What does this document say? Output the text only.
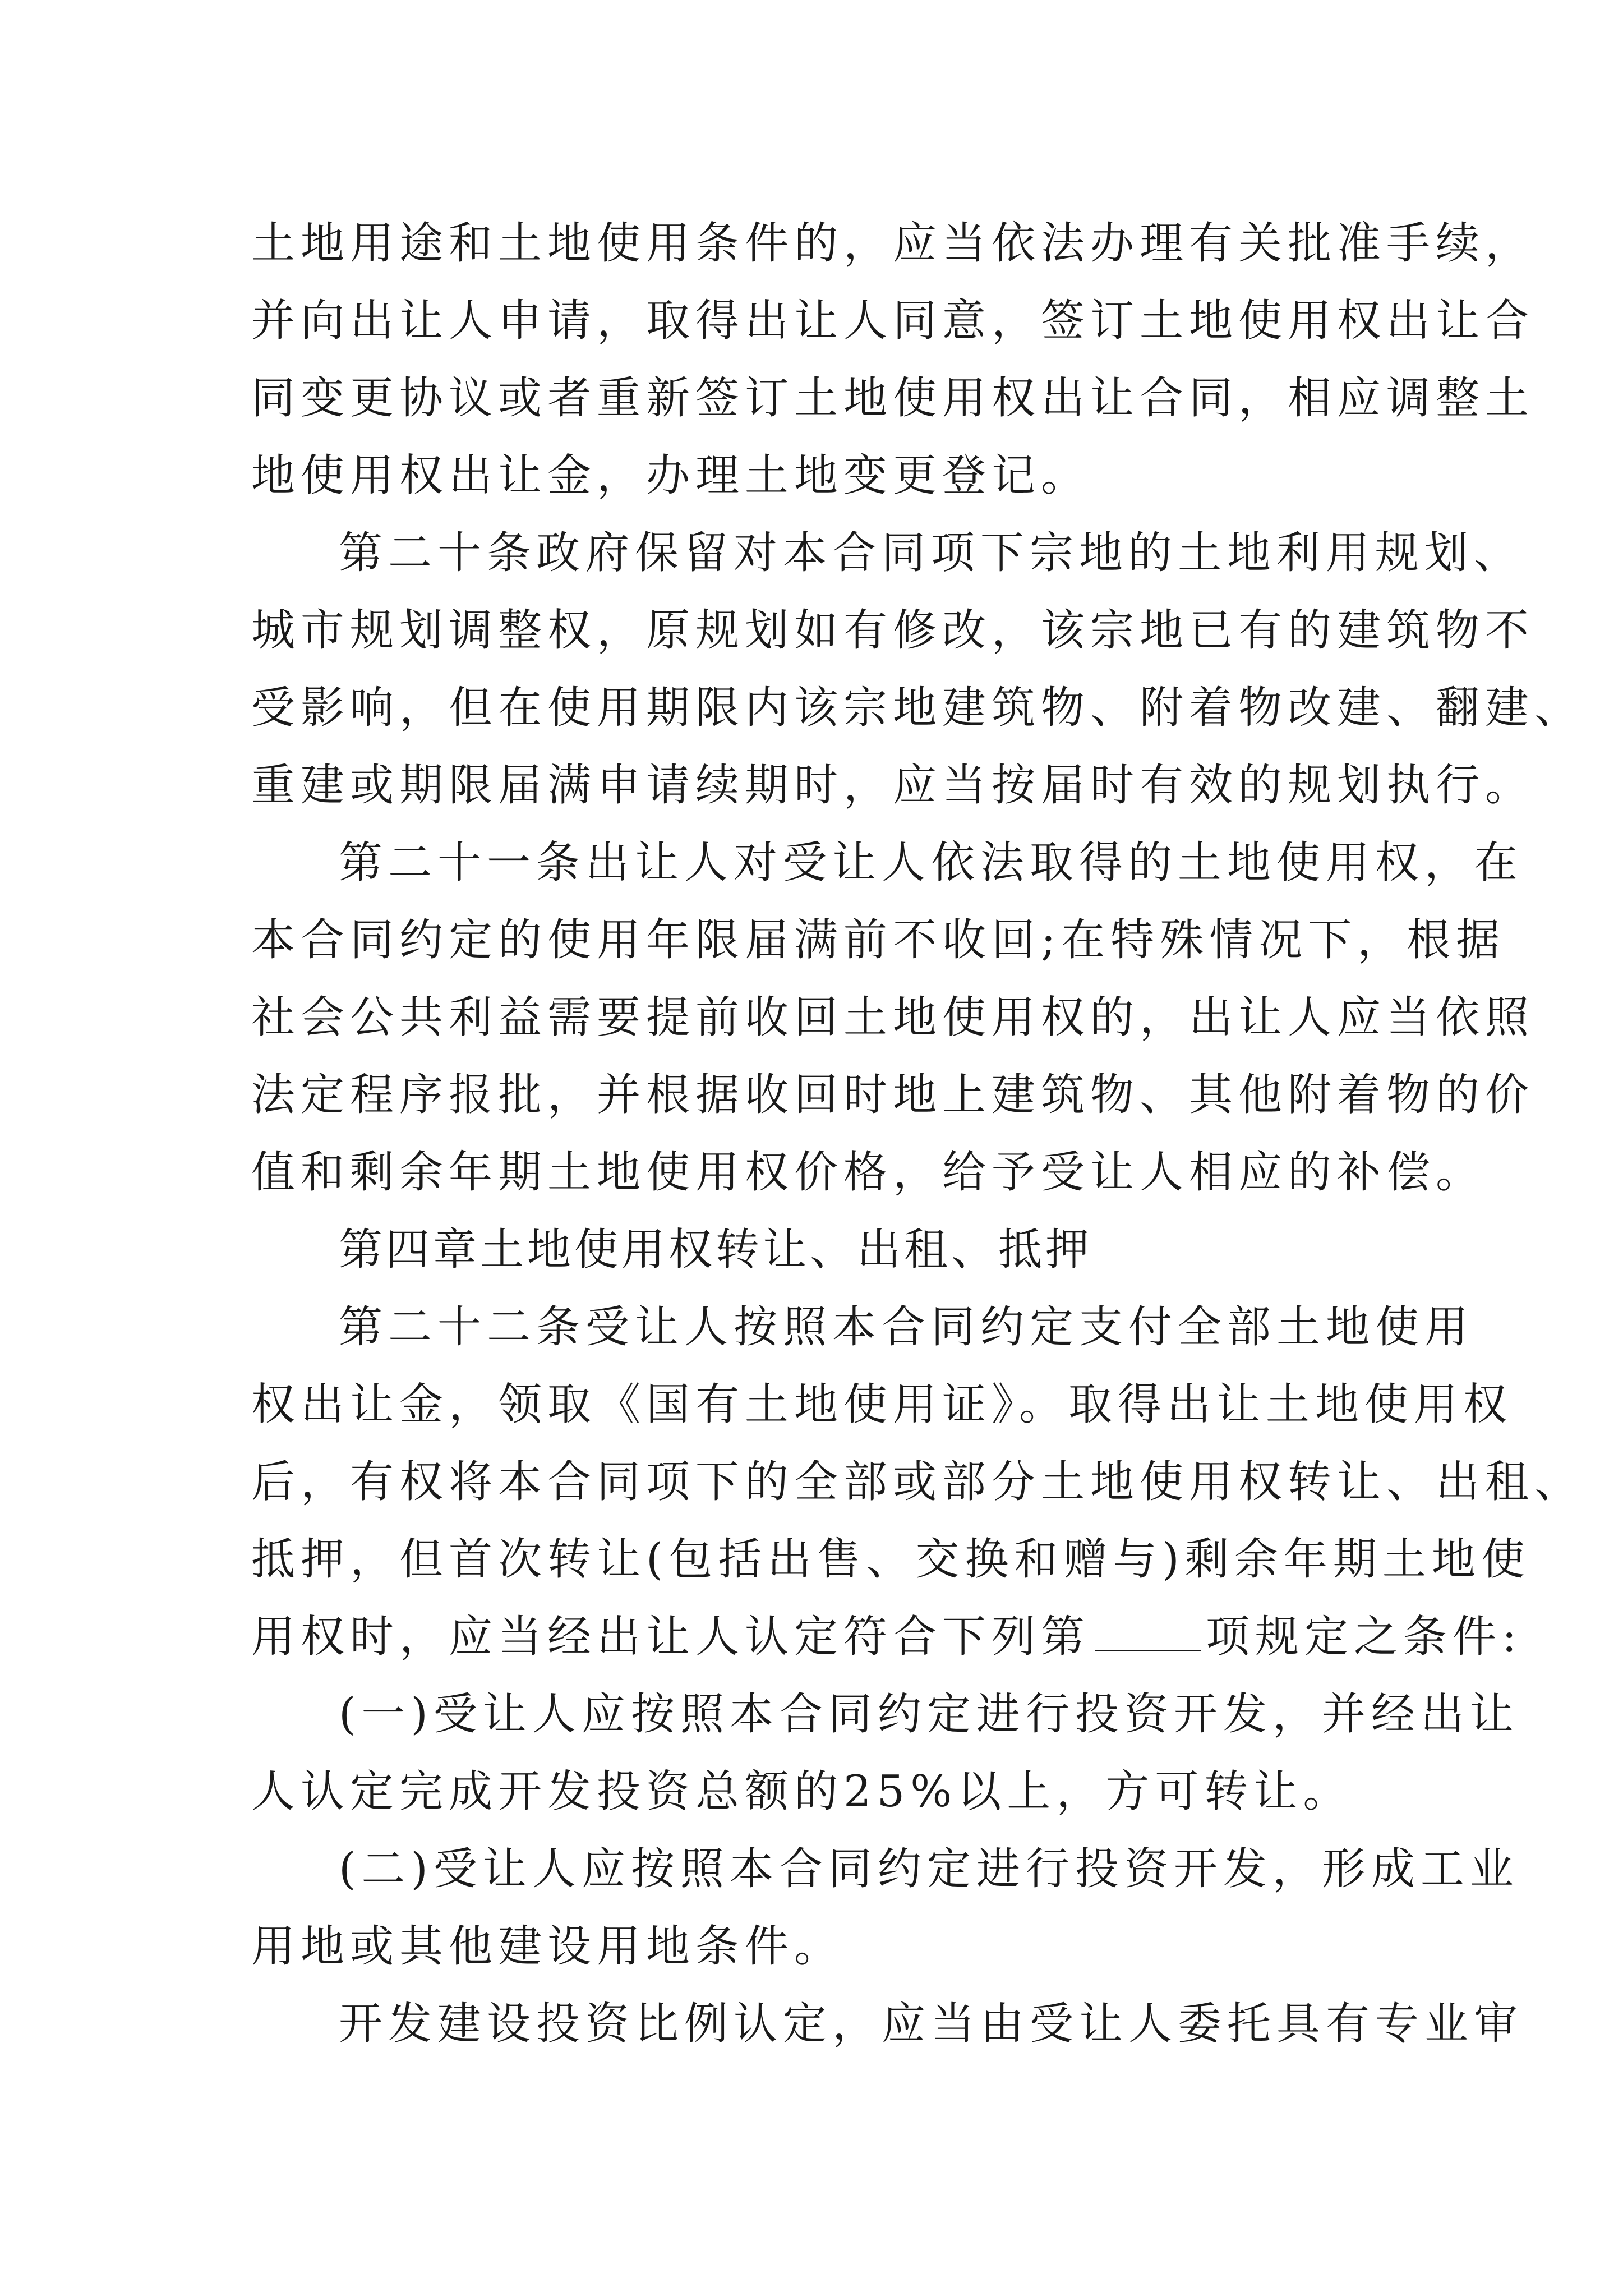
土地用途和土地使用条件的，应当依法办理有关批准手续，
并向出让人申请，取得出让人同意，签订土地使用权出让合
同变更协议或者重新签订土地使用权出让合同，相应调整土
地使用权出让金，办理土地变更登记。
第二十条政府保留对本合同项下宗地的土地利用规划、
城市规划调整权，原规划如有修改，该宗地已有的建筑物不
受影响，但在使用期限内该宗地建筑物、附着物改建、翻建、
重建或期限届满申请续期时，应当按届时有效的规划执行。
第二十一条出让人对受让人依法取得的土地使用权，在
本合同约定的使用年限届满前不收回;在特殊情况下，根据
社会公共利益需要提前收回土地使用权的，出让人应当依照
法定程序报批，并根据收回时地上建筑物、其他附着物的价
值和剩余年期土地使用权价格，给予受让人相应的补偿。
第四章土地使用权转让、出租、抵押
第二十二条受让人按照本合同约定支付全部土地使用
权出让金，领取《国有土地使用证》。取得出让土地使用权
后，有权将本合同项下的全部或部分土地使用权转让、出租、
抵押，但首次转让(包括出售、交换和赠与)剩余年期土地使
用权时，应当经出让人认定符合下列第	项规定之条件:
(一)受让人应按照本合同约定进行投资开发，并经出让
人认定完成开发投资总额的25%以上，方可转让。
(二)受让人应按照本合同约定进行投资开发，形成工业
用地或其他建设用地条件。
开发建设投资比例认定，应当由受让人委托具有专业审
